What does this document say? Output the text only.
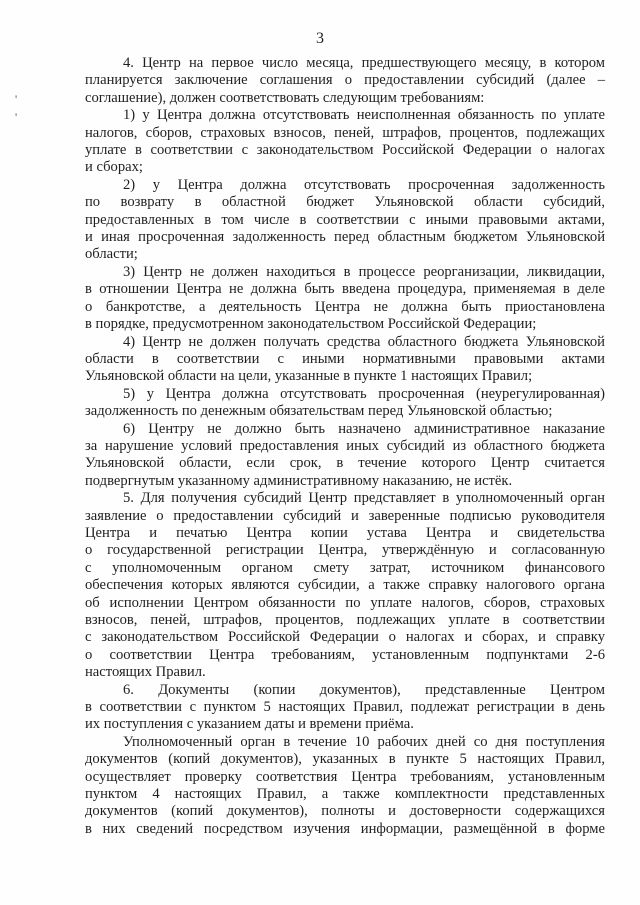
3
'
'
4. Центр на первое число месяца, предшествующего месяцу, в котором
планируется заключение соглашения о предоставлении субсидий (далее –
соглашение), должен соответствовать следующим требованиям:
1) у Центра должна отсутствовать неисполненная обязанность по уплате
налогов, сборов, страховых взносов, пеней, штрафов, процентов, подлежащих
уплате в соответствии с законодательством Российской Федерации о налогах
и сборах;
2) у Центра должна отсутствовать просроченная задолженность
по возврату в областной бюджет Ульяновской области субсидий,
предоставленных в том числе в соответствии с иными правовыми актами,
и иная просроченная задолженность перед областным бюджетом Ульяновской
области;
3) Центр не должен находиться в процессе реорганизации, ликвидации,
в отношении Центра не должна быть введена процедура, применяемая в деле
о банкротстве, а деятельность Центра не должна быть приостановлена
в порядке, предусмотренном законодательством Российской Федерации;
4) Центр не должен получать средства областного бюджета Ульяновской
области в соответствии с иными нормативными правовыми актами
Ульяновской области на цели, указанные в пункте 1 настоящих Правил;
5) у Центра должна отсутствовать просроченная (неурегулированная)
задолженность по денежным обязательствам перед Ульяновской областью;
6) Центру не должно быть назначено административное наказание
за нарушение условий предоставления иных субсидий из областного бюджета
Ульяновской области, если срок, в течение которого Центр считается
подвергнутым указанному административному наказанию, не истёк.
5. Для получения субсидий Центр представляет в уполномоченный орган
заявление о предоставлении субсидий и заверенные подписью руководителя
Центра и печатью Центра копии устава Центра и свидетельства
о государственной регистрации Центра, утверждённую и согласованную
с уполномоченным органом смету затрат, источником финансового
обеспечения которых являются субсидии, а также справку налогового органа
об исполнении Центром обязанности по уплате налогов, сборов, страховых
взносов, пеней, штрафов, процентов, подлежащих уплате в соответствии
с законодательством Российской Федерации о налогах и сборах, и справку
о соответствии Центра требованиям, установленным подпунктами 2-6
настоящих Правил.
6. Документы (копии документов), представленные Центром
в соответствии с пунктом 5 настоящих Правил, подлежат регистрации в день
их поступления с указанием даты и времени приёма.
Уполномоченный орган в течение 10 рабочих дней со дня поступления
документов (копий документов), указанных в пункте 5 настоящих Правил,
осуществляет проверку соответствия Центра требованиям, установленным
пунктом 4 настоящих Правил, а также комплектности представленных
документов (копий документов), полноты и достоверности содержащихся
в них сведений посредством изучения информации, размещённой в форме
